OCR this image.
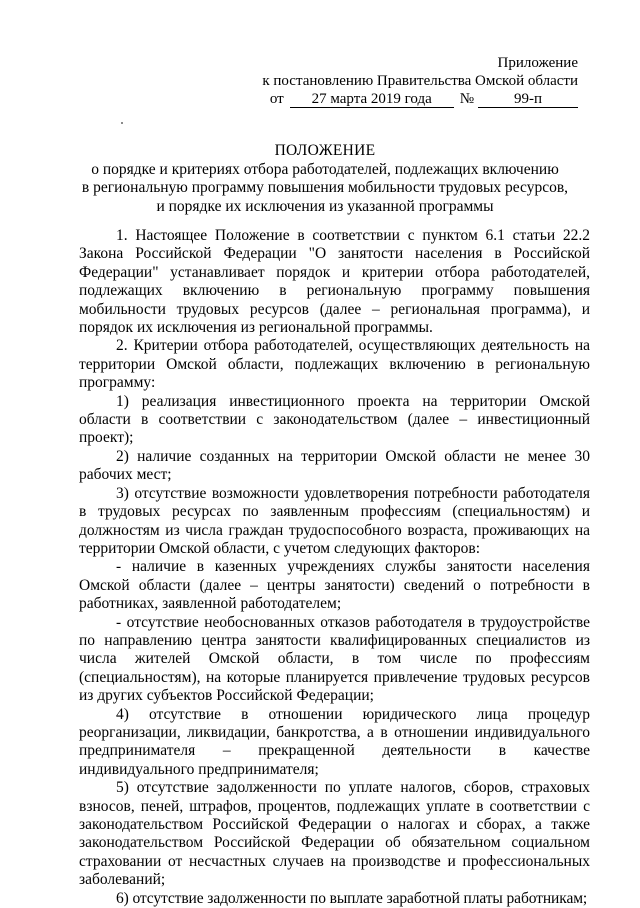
Приложение
к постановлению Правительства Омской области
от	27 марта 2019 года	№	99-п
ПОЛОЖЕНИЕ
о порядке и критериях отбора работодателей, подлежащих включению
в региональную программу повышения мобильности трудовых ресурсов,
и порядке их исключения из указанной программы

1. Настоящее Положение в соответствии с пунктом 6.1 статьи 22.2 Закона Российской Федерации "О занятости населения в Российской Федерации" устанавливает порядок и критерии отбора работодателей, подлежащих включению в региональную программу повышения мобильности трудовых ресурсов (далее – региональная программа), и порядок их исключения из региональной программы.

2. Критерии отбора работодателей, осуществляющих деятельность на территории Омской области, подлежащих включению в региональную программу:

1) реализация инвестиционного проекта на территории Омской области в соответствии с законодательством (далее – инвестиционный проект);

2) наличие созданных на территории Омской области не менее 30 рабочих мест;

3) отсутствие возможности удовлетворения потребности работодателя в трудовых ресурсах по заявленным профессиям (специальностям) и должностям из числа граждан трудоспособного возраста, проживающих на территории Омской области, с учетом следующих факторов:

- наличие в казенных учреждениях службы занятости населения Омской области (далее – центры занятости) сведений о потребности в работниках, заявленной работодателем;

- отсутствие необоснованных отказов работодателя в трудоустройстве по направлению центра занятости квалифицированных специалистов из числа жителей Омской области, в том числе по профессиям (специальностям), на которые планируется привлечение трудовых ресурсов из других субъектов Российской Федерации;

4) отсутствие в отношении юридического лица процедур реорганизации, ликвидации, банкротства, а в отношении индивидуального предпринимателя – прекращенной деятельности в качестве индивидуального предпринимателя;

5) отсутствие задолженности по уплате налогов, сборов, страховых взносов, пеней, штрафов, процентов, подлежащих уплате в соответствии с законодательством Российской Федерации о налогах и сборах, а также законодательством Российской Федерации об обязательном социальном страховании от несчастных случаев на производстве и профессиональных заболеваний;

6) отсутствие задолженности по выплате заработной платы работникам;
